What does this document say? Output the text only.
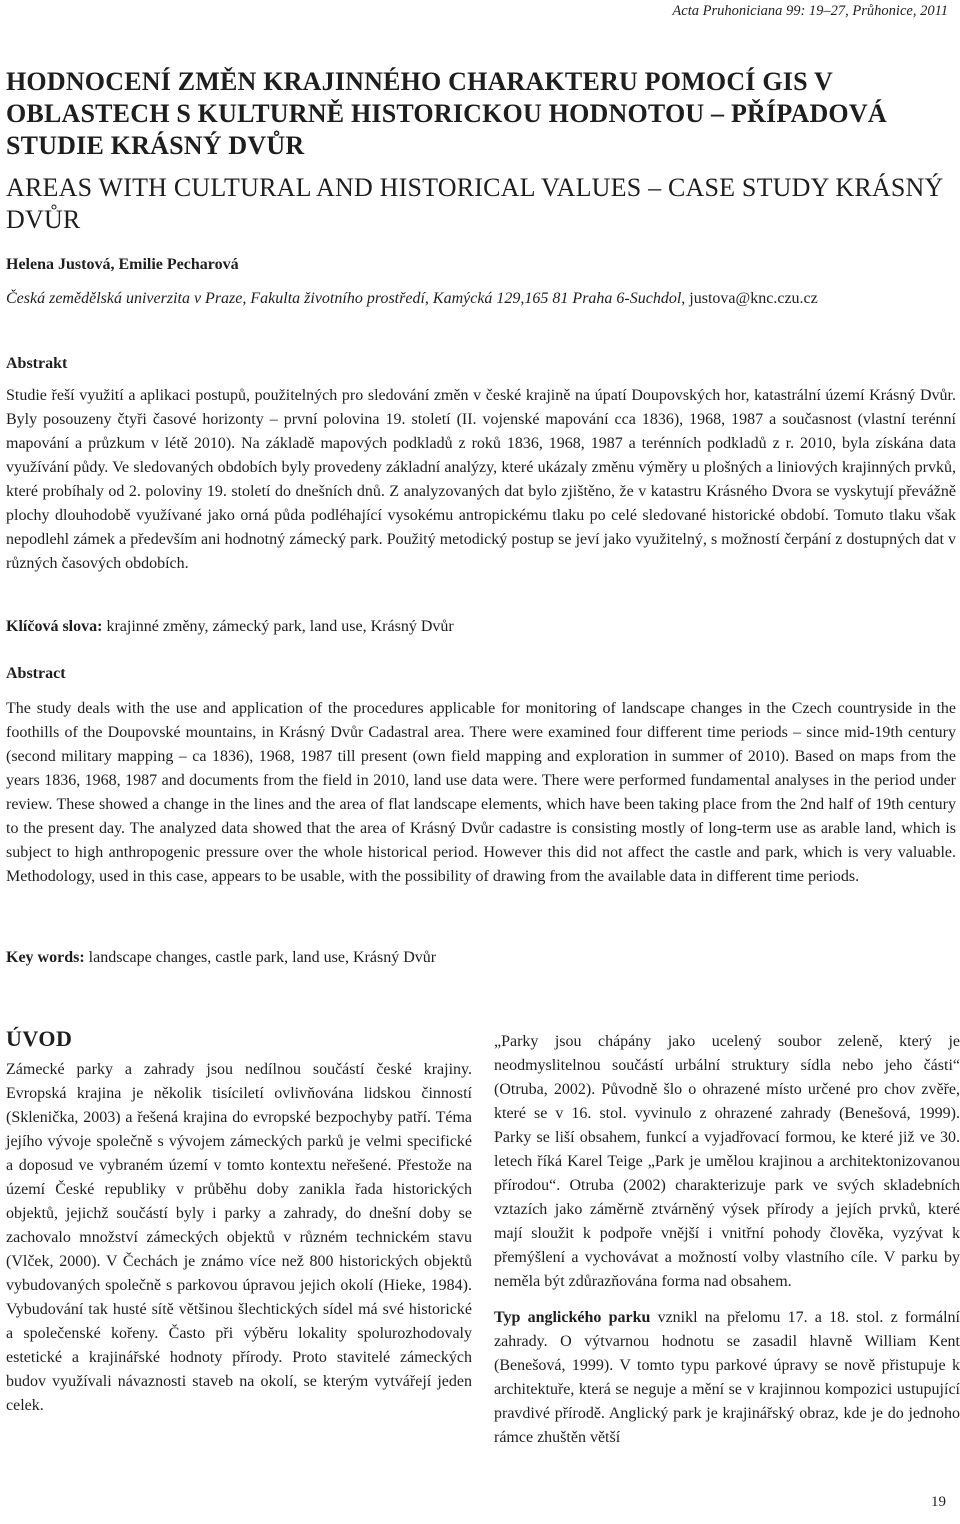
Acta Pruhoniciana 99: 19–27, Průhonice, 2011
HODNOCENÍ ZMĚN KRAJINNÉHO CHARAKTERU POMOCÍ GIS V OBLASTECH S KULTURNĚ HISTORICKOU HODNOTOU – PŘÍPADOVÁ STUDIE KRÁSNÝ DVŮR
AREAS WITH CULTURAL AND HISTORICAL VALUES – CASE STUDY KRÁSNÝ DVŮR
Helena Justová, Emilie Pecharová
Česká zemědělská univerzita v Praze, Fakulta životního prostředí, Kamýcká 129,165 81 Praha 6-Suchdol, justova@knc.czu.cz
Abstrakt

Studie řeší využití a aplikaci postupů, použitelných pro sledování změn v české krajině na úpatí Doupovských hor, katastrální území Krásný Dvůr. Byly posouzeny čtyři časové horizonty – první polovina 19. století (II. vojenské mapování cca 1836), 1968, 1987 a současnost (vlastní terénní mapování a průzkum v létě 2010). Na základě mapových podkladů z roků 1836, 1968, 1987 a terénních podkladů z r. 2010, byla získána data využívání půdy. Ve sledovaných obdobích byly provedeny základní analýzy, které ukázaly změnu výměry u plošných a liniových krajinných prvků, které probíhaly od 2. poloviny 19. století do dnešních dnů. Z analyzovaných dat bylo zjištěno, že v katastru Krásného Dvora se vyskytují převážně plochy dlouhodobě využívané jako orná půda podléhající vysokému antropickému tlaku po celé sledované historické období. Tomuto tlaku však nepodlehl zámek a především ani hodnotný zámecký park. Použitý metodický postup se jeví jako využitelný, s možností čerpání z dostupných dat v různých časových obdobích.

Klíčová slova: krajinné změny, zámecký park, land use, Krásný Dvůr
Abstract

The study deals with the use and application of the procedures applicable for monitoring of landscape changes in the Czech countryside in the foothills of the Doupovské mountains, in Krásný Dvůr Cadastral area. There were examined four different time periods – since mid-19th century (second military mapping – ca 1836), 1968, 1987 till present (own field mapping and exploration in summer of 2010). Based on maps from the years 1836, 1968, 1987 and documents from the field in 2010, land use data were. There were performed fundamental analyses in the period under review. These showed a change in the lines and the area of flat landscape elements, which have been taking place from the 2nd half of 19th century to the present day. The analyzed data showed that the area of Krásný Dvůr cadastre is consisting mostly of long-term use as arable land, which is subject to high anthropogenic pressure over the whole historical period. However this did not affect the castle and park, which is very valuable. Methodology, used in this case, appears to be usable, with the possibility of drawing from the available data in different time periods.

Key words: landscape changes, castle park, land use, Krásný Dvůr
ÚVOD

Zámecké parky a zahrady jsou nedílnou součástí české krajiny. Evropská krajina je několik tisíciletí ovlivňována lidskou činností (Sklenička, 2003) a řešená krajina do evropské bezpochyby patří. Téma jejího vývoje společně s vývojem zámeckých parků je velmi specifické a doposud ve vybraném území v tomto kontextu neřešené. Přestože na území České republiky v průběhu doby zanikla řada historických objektů, jejichž součástí byly i parky a zahrady, do dnešní doby se zachovalo množství zámeckých objektů v různém technickém stavu (Vlček, 2000). V Čechách je známo více než 800 historických objektů vybudovaných společně s parkovou úpravou jejich okolí (Hieke, 1984). Vybudování tak husté sítě většinou šlechtických sídel má své historické a společenské kořeny. Často při výběru lokality spolurozhodovaly estetické a krajinářské hodnoty přírody. Proto stavitelé zámeckých budov využívali návaznosti staveb na okolí, se kterým vytvářejí jeden celek.

„Parky jsou chápány jako ucelený soubor zeleně, který je neodmyslitelnou součástí urbální struktury sídla nebo jeho části“ (Otruba, 2002). Původně šlo o ohrazené místo určené pro chov zvěře, které se v 16. stol. vyvinulo z ohrazené zahrady (Benešová, 1999). Parky se liší obsahem, funkcí a vyjadřovací formou, ke které již ve 30. letech říká Karel Teige „Park je umělou krajinou a architektonizovanou přírodou“. Otruba (2002) charakterizuje park ve svých skladebních vztazích jako záměrně ztvárněný výsek přírody a jejích prvků, které mají sloužit k podpoře vnější i vnitřní pohody člověka, vyzývat k přemýšlení a vychovávat a možností volby vlastního cíle. V parku by neměla být zdůrazňována forma nad obsahem.

Typ anglického parku vznikl na přelomu 17. a 18. stol. z formální zahrady. O výtvarnou hodnotu se zasadil hlavně William Kent (Benešová, 1999). V tomto typu parkové úpravy se nově přistupuje k architektuře, která se neguje a mění se v krajinnou kompozici ustupující pravdivé přírodě. Anglický park je krajinářský obraz, kde je do jednoho rámce zhuštěn větší

19
